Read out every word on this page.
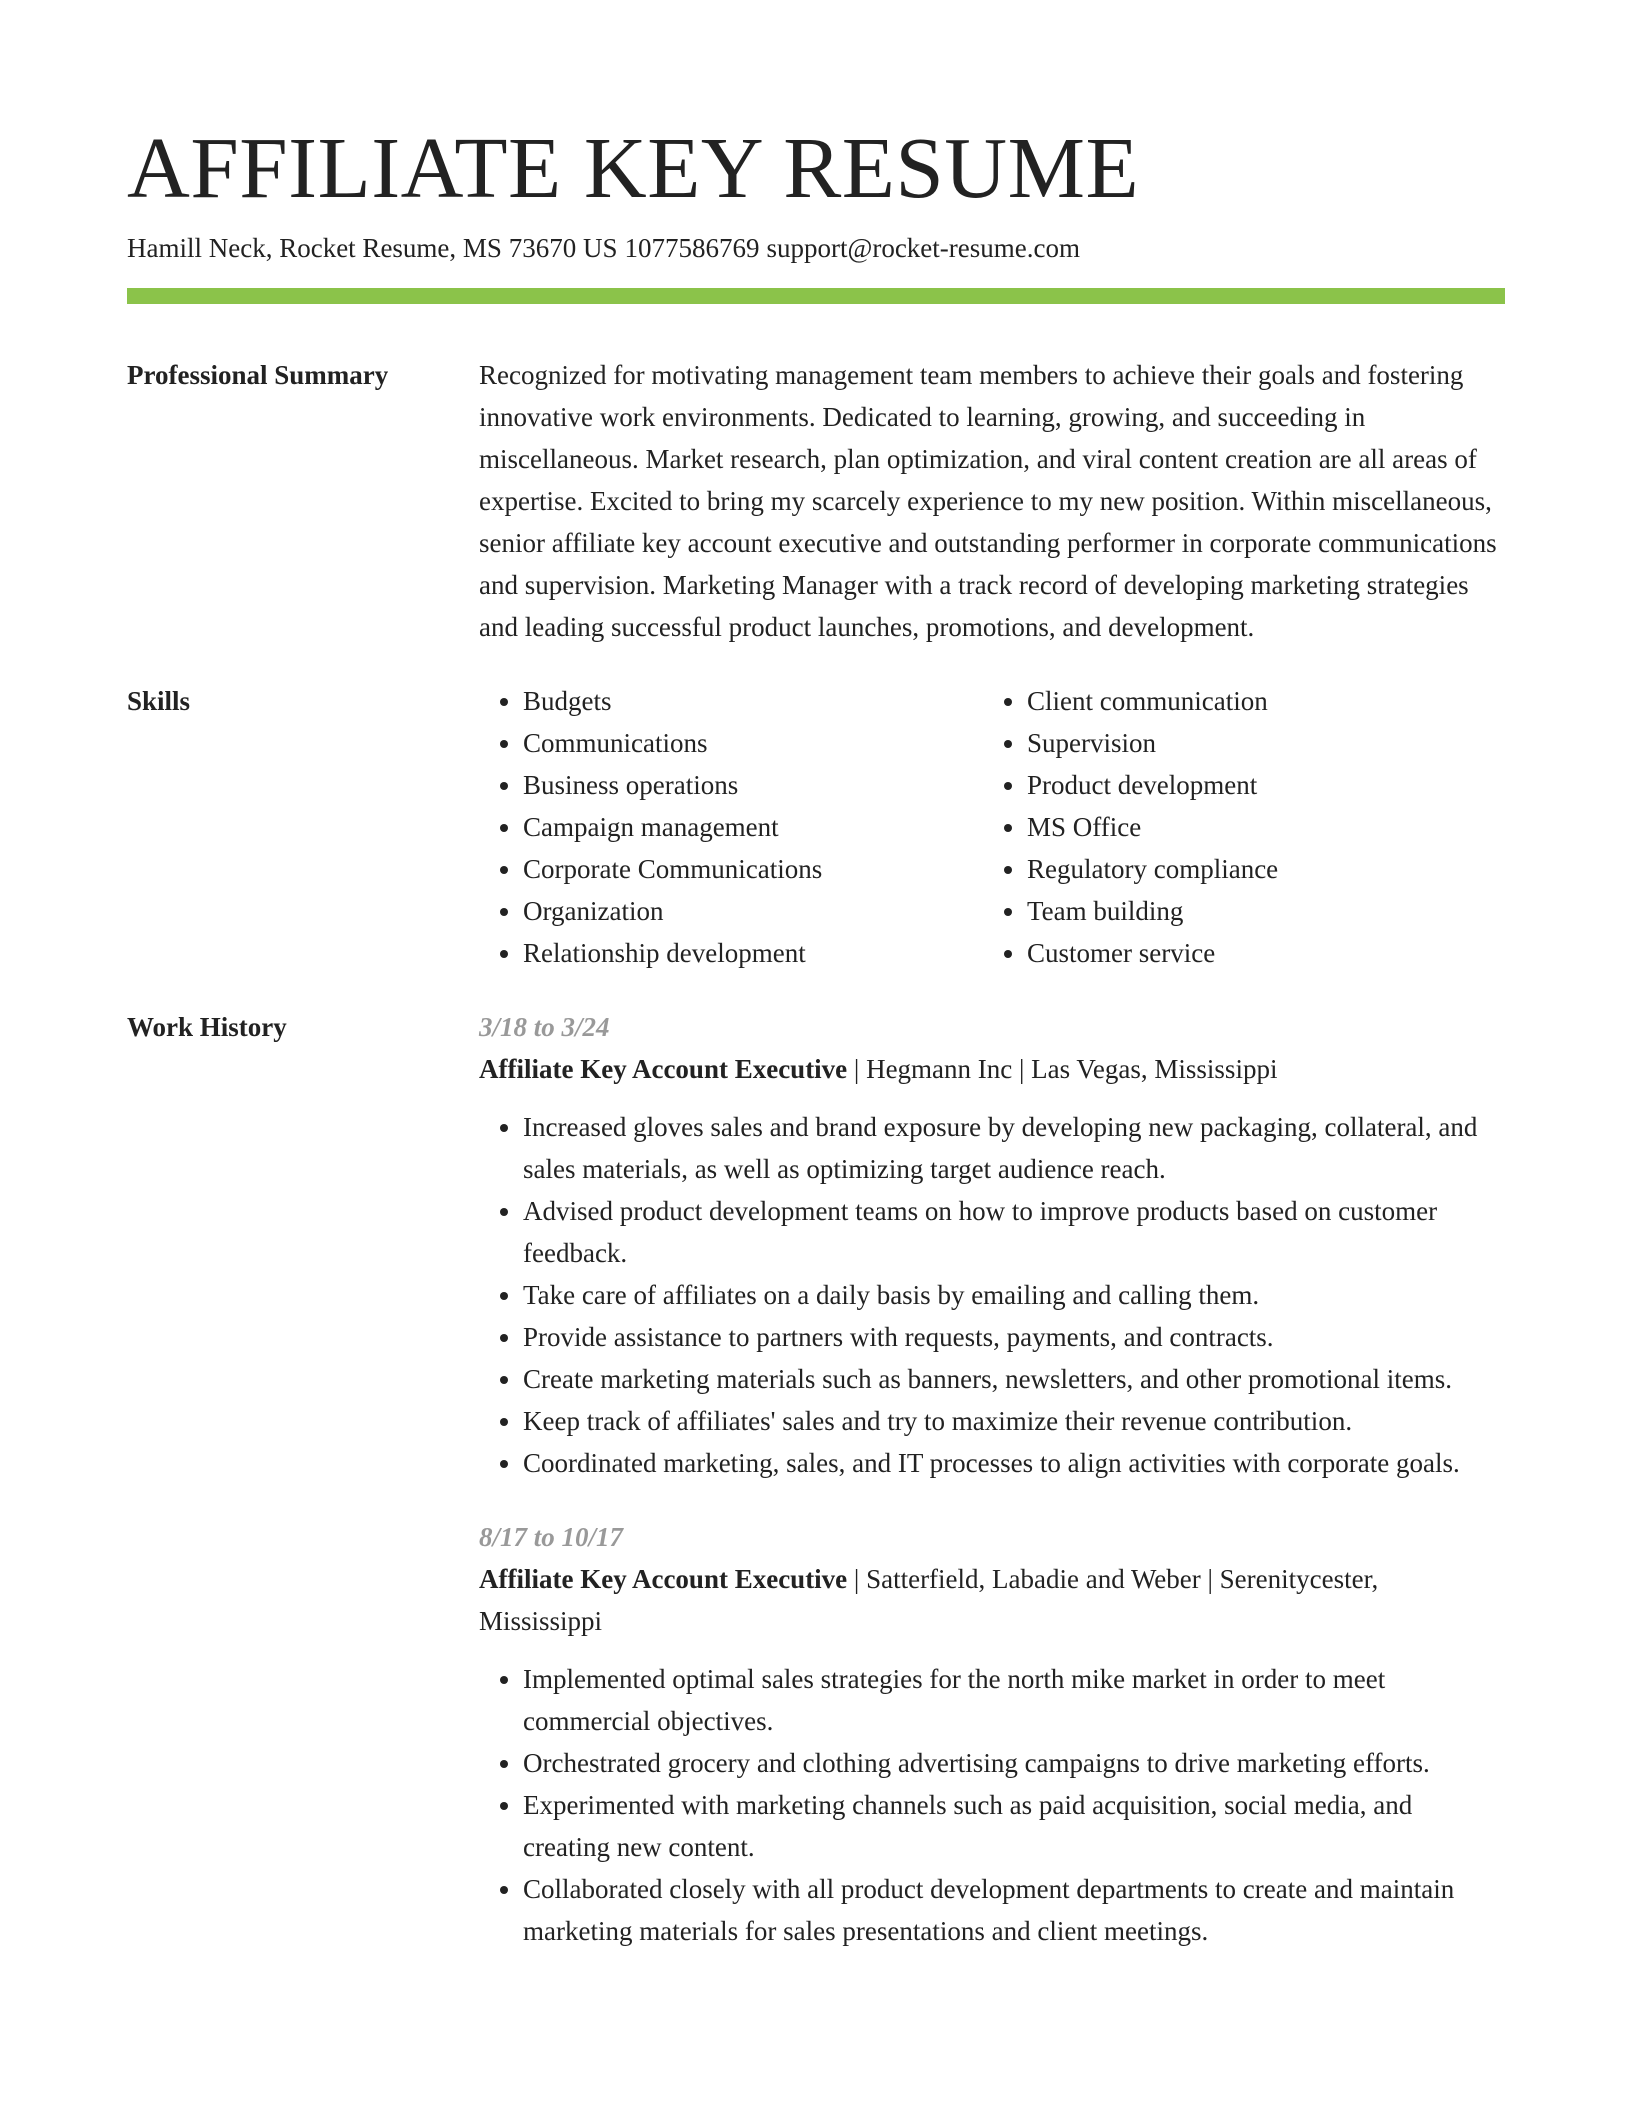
AFFILIATE KEY RESUME
Hamill Neck, Rocket Resume, MS 73670 US 1077586769 support@rocket-resume.com
Professional Summary	Recognized for motivating management team members to achieve their goals and fostering innovative work environments. Dedicated to learning, growing, and succeeding in miscellaneous. Market research, plan optimization, and viral content creation are all areas of expertise. Excited to bring my scarcely experience to my new position. Within miscellaneous, senior affiliate key account executive and outstanding performer in corporate communications and supervision. Marketing Manager with a track record of developing marketing strategies and leading successful product launches, promotions, and development.

Skills
•	Budgets
• Communications
• Business operations
• Campaign management
• Corporate Communications
• Organization
• Relationship development
• Client communication
• Supervision
• Product development
• MS Office
• Regulatory compliance
• Team building
• Customer service
Work History	3/18 to 3/24
Affiliate Key Account Executive | Hegmann Inc | Las Vegas, Mississippi
• Increased gloves sales and brand exposure by developing new packaging, collateral, and sales materials, as well as optimizing target audience reach.
• Advised product development teams on how to improve products based on customer feedback.
• Take care of affiliates on a daily basis by emailing and calling them.
• Provide assistance to partners with requests, payments, and contracts.
• Create marketing materials such as banners, newsletters, and other promotional items.
• Keep track of affiliates' sales and try to maximize their revenue contribution.
• Coordinated marketing, sales, and IT processes to align activities with corporate goals.
8/17 to 10/17
Affiliate Key Account Executive | Satterfield, Labadie and Weber | Serenitycester, Mississippi
• Implemented optimal sales strategies for the north mike market in order to meet commercial objectives.
• Orchestrated grocery and clothing advertising campaigns to drive marketing efforts.
• Experimented with marketing channels such as paid acquisition, social media, and creating new content.
• Collaborated closely with all product development departments to create and maintain marketing materials for sales presentations and client meetings.
